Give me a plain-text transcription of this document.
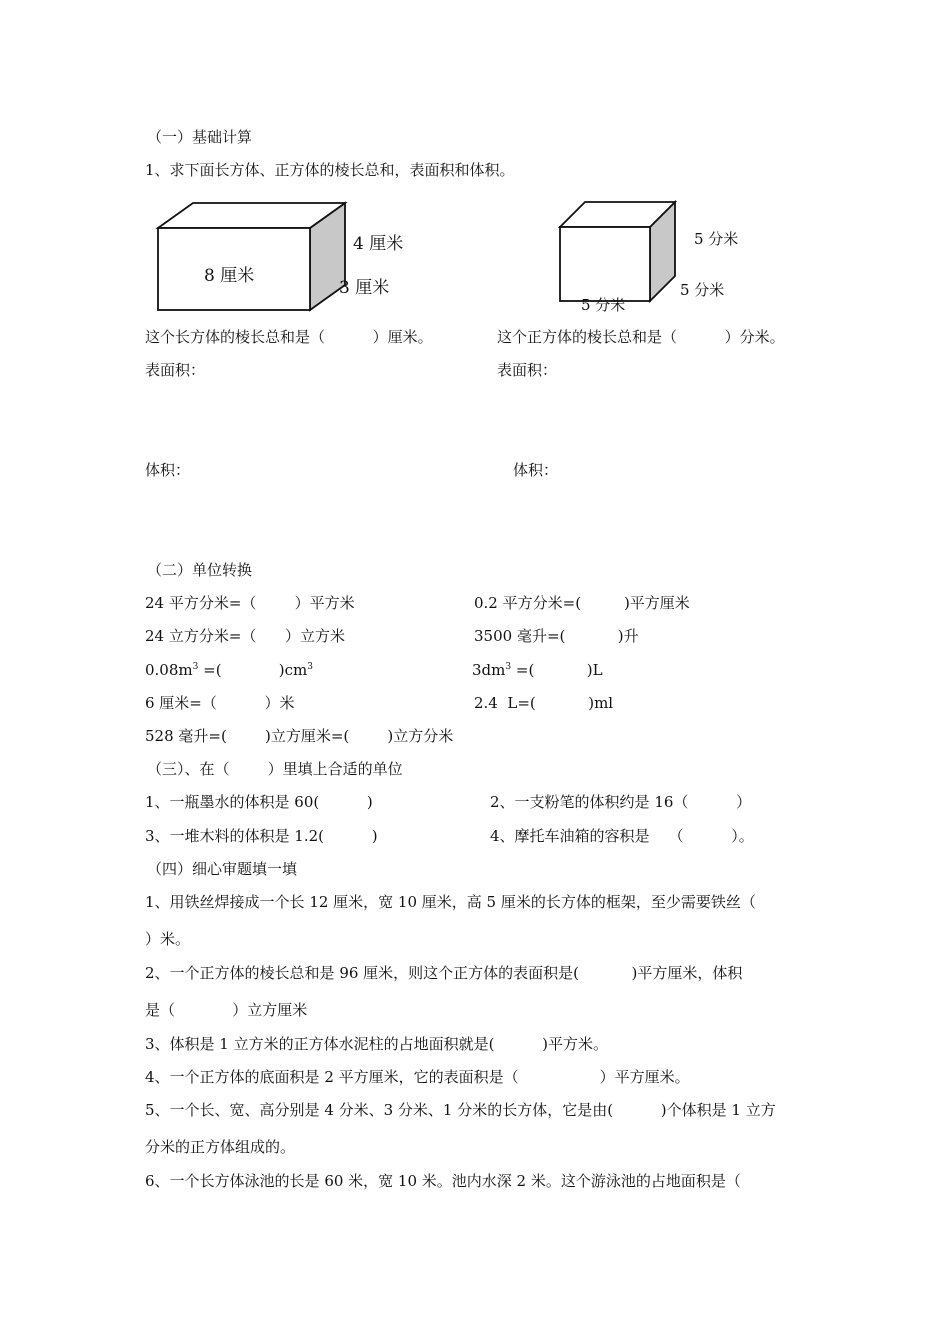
（一）基础计算
1、求下面长方体、正方体的棱长总和，表面积和体积。
8 厘米
4 厘米
3 厘米
5 分米
5 分米
5 分米
这个长方体的棱长总和是（          ）厘米。	这个正方体的棱长总和是（          ）分米。
表面积：	表面积：
体积：	体积：
（二）单位转换
24 平方分米=（        ）平方米	0.2 平方分米=(         )平方厘米
24 立方分米=（      ）立方米	3500 毫升=(           )升
$0.08m^3$ =(            )$cm^3$	$3dm^3$ =(           )L
6 厘米=（          ）米	2.4  L=(           )ml
528 毫升=(        )立方厘米=(        )立方分米
（三）、在（        ）里填上合适的单位
1、一瓶墨水的体积是 60(          )	2、一支粉笔的体积约是 16（          ）
3、一堆木料的体积是 1.2(          )	4、摩托车油箱的容积是    （          ）。
（四）细心审题填一填
1、用铁丝焊接成一个长 12 厘米，宽 10 厘米，高 5 厘米的长方体的框架，至少需要铁丝（
）米。
2、一个正方体的棱长总和是 96 厘米，则这个正方体的表面积是(           )平方厘米，体积
是（            ）立方厘米
3、体积是 1 立方米的正方体水泥柱的占地面积就是(          )平方米。
4、一个正方体的底面积是 2 平方厘米，它的表面积是（                 ）平方厘米。
5、一个长、宽、高分别是 4 分米、3 分米、1 分米的长方体，它是由(          )个体积是 1 立方
分米的正方体组成的。
6、一个长方体泳池的长是 60 米，宽 10 米。池内水深 2 米。这个游泳池的占地面积是（
